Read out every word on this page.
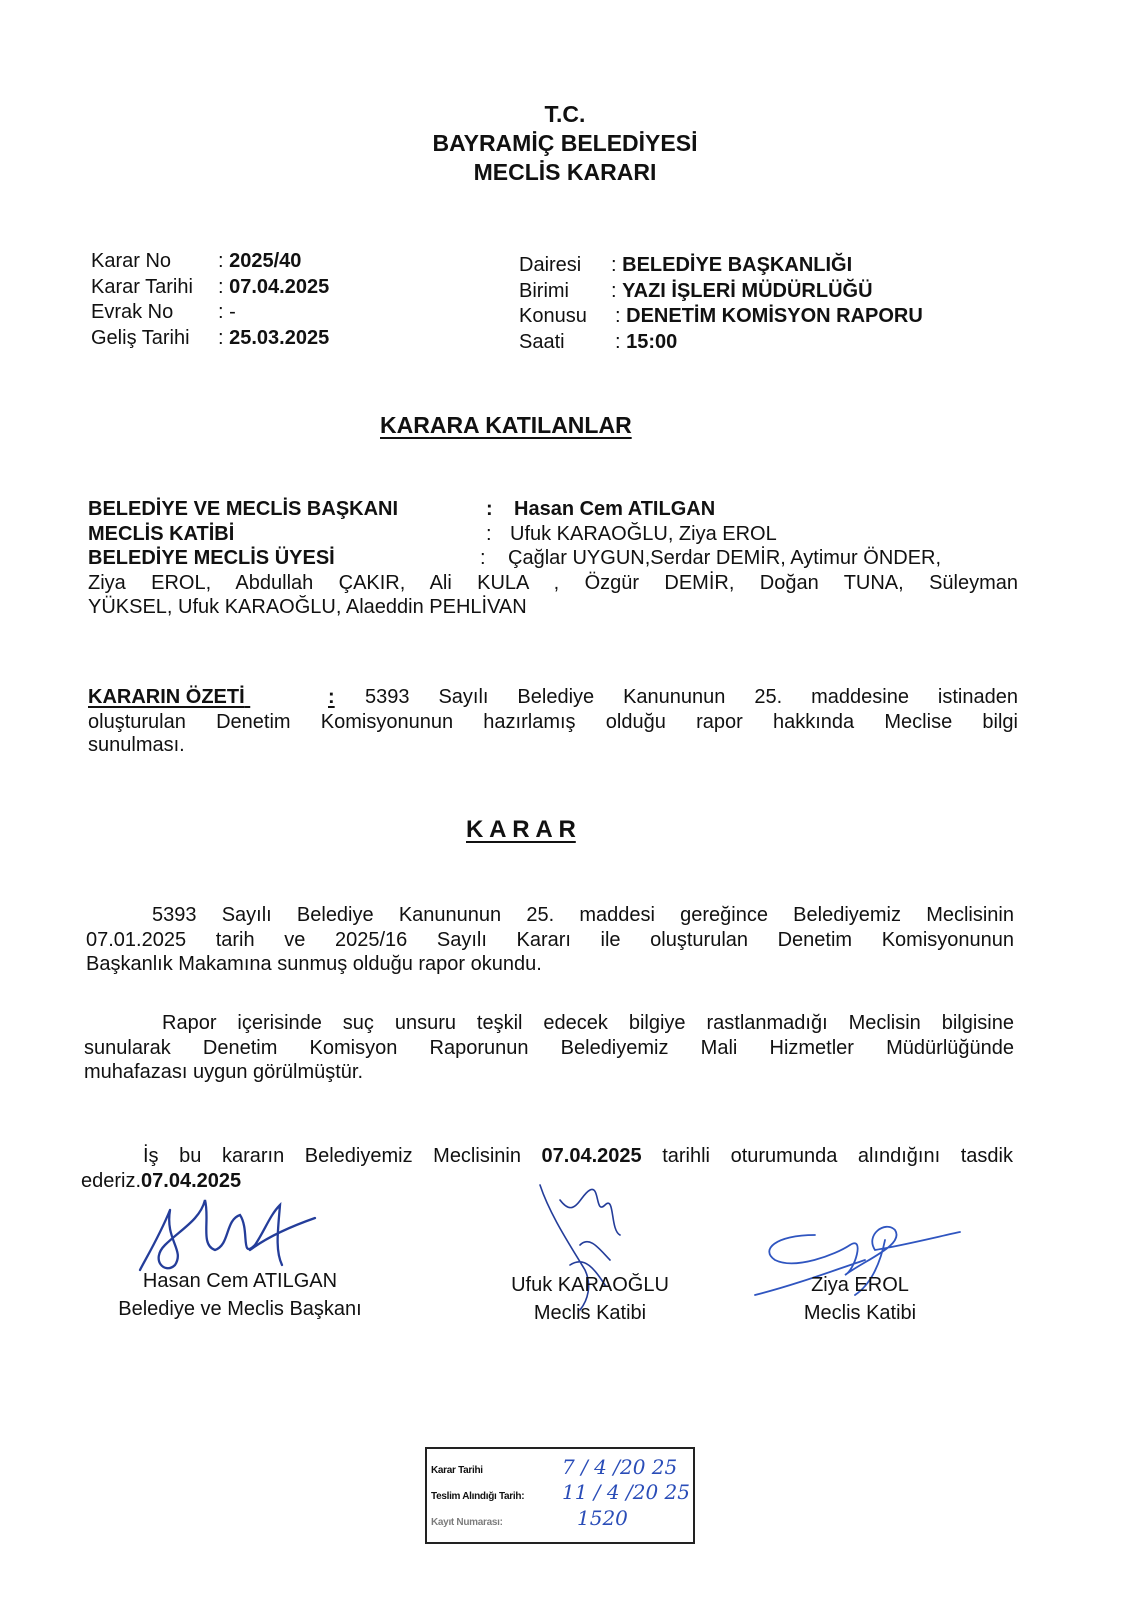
T.C.
BAYRAMİÇ BELEDİYESİ
MECLİS KARARI
Karar No : 2025/40
Karar Tarihi : 07.04.2025
Evrak No : -
Geliş Tarihi : 25.03.2025
Dairesi : BELEDİYE BAŞKANLIĞI
Birimi : YAZI İŞLERİ MÜDÜRLÜĞÜ
Konusu : DENETİM KOMİSYON RAPORU
Saati	: 15:00
KARARA KATILANLAR
BELEDİYE VE MECLİS BAŞKANI	: Hasan Cem ATILGAN
MECLİS KATİBİ	: Ufuk KARAOĞLU, Ziya EROL
BELEDİYE MECLİS ÜYESİ	: Çağlar UYGUN,Serdar DEMİR, Aytimur ÖNDER,
Ziya EROL, Abdullah ÇAKIR, Ali KULA , Özgür DEMİR, Doğan TUNA, Süleyman
YÜKSEL, Ufuk KARAOĞLU, Alaeddin PEHLİVAN
KARARIN ÖZETİ	: 5393 Sayılı Belediye Kanununun 25. maddesine istinaden
oluşturulan Denetim Komisyonunun hazırlamış olduğu rapor hakkında Meclise bilgi
sunulması.
K A R A R
5393 Sayılı Belediye Kanununun 25. maddesi gereğince Belediyemiz Meclisinin
07.01.2025 tarih ve 2025/16 Sayılı Kararı ile oluşturulan Denetim Komisyonunun
Başkanlık Makamına sunmuş olduğu rapor okundu.
Rapor içerisinde suç unsuru teşkil edecek bilgiye rastlanmadığı Meclisin bilgisine
sunularak Denetim Komisyon Raporunun Belediyemiz Mali Hizmetler Müdürlüğünde
muhafazası uygun görülmüştür.
İş bu kararın Belediyemiz Meclisinin 07.04.2025 tarihli oturumunda alındığını tasdik
ederiz.07.04.2025
Hasan Cem ATILGAN
Belediye ve Meclis Başkanı
Ufuk KARAOĞLU
Meclis Katibi
Ziya EROL
Meclis Katibi
Karar Tarihi	7 / 4 /20 25
Teslim Alındığı Tarih: 11 / 4 /20 25
Kayıt Numarası:	1520
